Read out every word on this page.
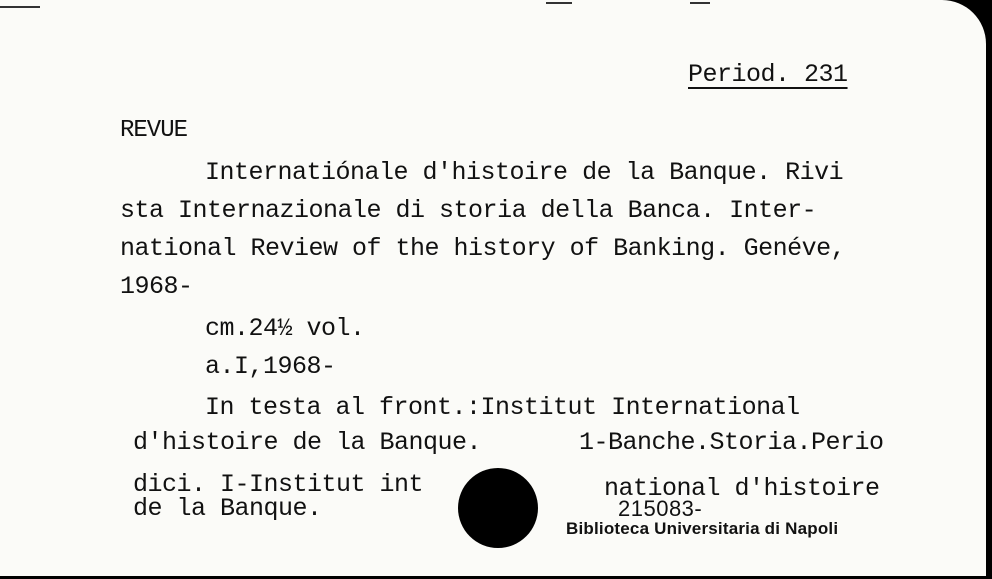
Period. 231
REVUE
Internatiónale d'histoire de la Banque. Rivi
sta Internazionale di storia della Banca. Inter-
national Review of the history of Banking. Genéve,
1968-
cm.24½ vol.
a.I,1968-
In testa al front.:Institut International
d'histoire de la Banque.	1-Banche.Storia.Perio
dici. I-Institut int
de la Banque.
national d'histoire
215083-
Biblioteca Universitaria di Napoli
